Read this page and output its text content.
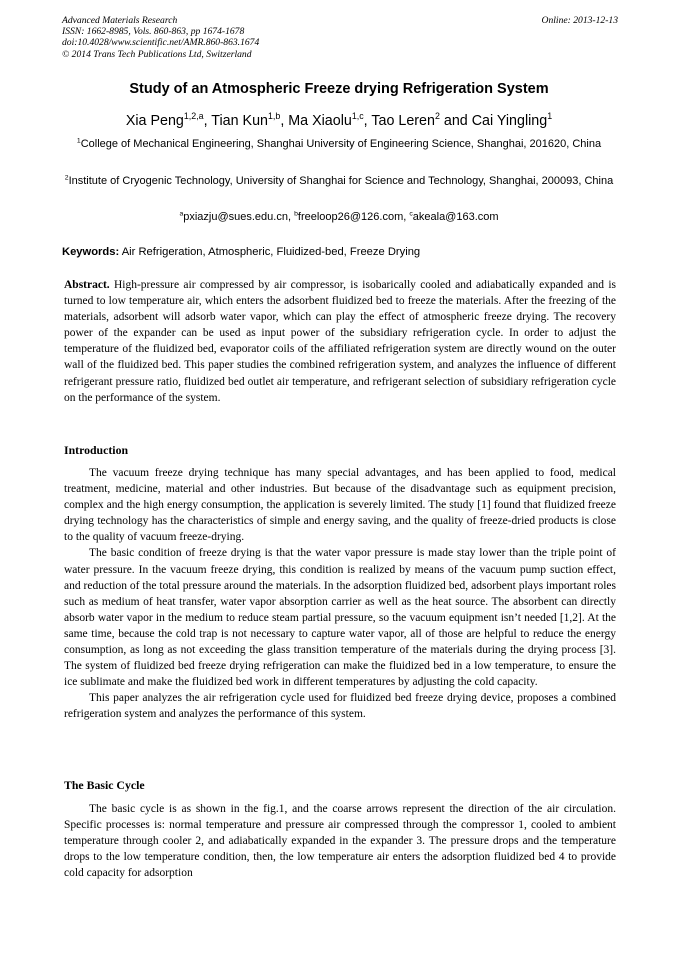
Advanced Materials Research
ISSN: 1662-8985, Vols. 860-863, pp 1674-1678
doi:10.4028/www.scientific.net/AMR.860-863.1674
© 2014 Trans Tech Publications Ltd, Switzerland
Online: 2013-12-13
Study of an Atmospheric Freeze drying Refrigeration System
Xia Peng$^{1,2,a}$, Tian Kun$^{1,b}$, Ma Xiaolu$^{1,c}$, Tao Leren$^2$ and Cai Yingling$^1$
$^1$College of Mechanical Engineering, Shanghai University of Engineering Science, Shanghai, 201620, China
$^2$Institute of Cryogenic Technology, University of Shanghai for Science and Technology, Shanghai, 200093, China
$^a$pxiazju@sues.edu.cn, $^b$freeloop26@126.com, $^c$akeala@163.com
Keywords: Air Refrigeration, Atmospheric, Fluidized-bed, Freeze Drying
Abstract. High-pressure air compressed by air compressor, is isobarically cooled and adiabatically expanded and is turned to low temperature air, which enters the adsorbent fluidized bed to freeze the materials. After the freezing of the materials, adsorbent will adsorb water vapor, which can play the effect of atmospheric freeze drying. The recovery power of the expander can be used as input power of the subsidiary refrigeration cycle. In order to adjust the temperature of the fluidized bed, evaporator coils of the affiliated refrigeration system are directly wound on the outer wall of the fluidized bed. This paper studies the combined refrigeration system, and analyzes the influence of different refrigerant pressure ratio, fluidized bed outlet air temperature, and refrigerant selection of subsidiary refrigeration cycle on the performance of the system.
Introduction

The vacuum freeze drying technique has many special advantages, and has been applied to food, medical treatment, medicine, material and other industries. But because of the disadvantage such as equipment precision, complex and the high energy consumption, the application is severely limited. The study [1] found that fluidized freeze drying technology has the characteristics of simple and energy saving, and the quality of freeze-dried products is close to the quality of vacuum freeze-drying.

The basic condition of freeze drying is that the water vapor pressure is made stay lower than the triple point of water pressure. In the vacuum freeze drying, this condition is realized by means of the vacuum pump suction effect, and reduction of the total pressure around the materials. In the adsorption fluidized bed, adsorbent plays important roles such as medium of heat transfer, water vapor absorption carrier as well as the heat source. The absorbent can directly absorb water vapor in the medium to reduce steam partial pressure, so the vacuum equipment isn’t needed [1,2]. At the same time, because the cold trap is not necessary to capture water vapor, all of those are helpful to reduce the energy consumption, as long as not exceeding the glass transition temperature of the materials during the drying process [3]. The system of fluidized bed freeze drying refrigeration can make the fluidized bed in a low temperature, to ensure the ice sublimate and make the fluidized bed work in different temperatures by adjusting the cold capacity.

This paper analyzes the air refrigeration cycle used for fluidized bed freeze drying device, proposes a combined refrigeration system and analyzes the performance of this system.

The Basic Cycle

The basic cycle is as shown in the fig.1, and the coarse arrows represent the direction of the air circulation. Specific processes is: normal temperature and pressure air compressed through the compressor 1, cooled to ambient temperature through cooler 2, and adiabatically expanded in the expander 3. The pressure drops and the temperature drops to the low temperature condition, then, the low temperature air enters the adsorption fluidized bed 4 to provide cold capacity for adsorption
